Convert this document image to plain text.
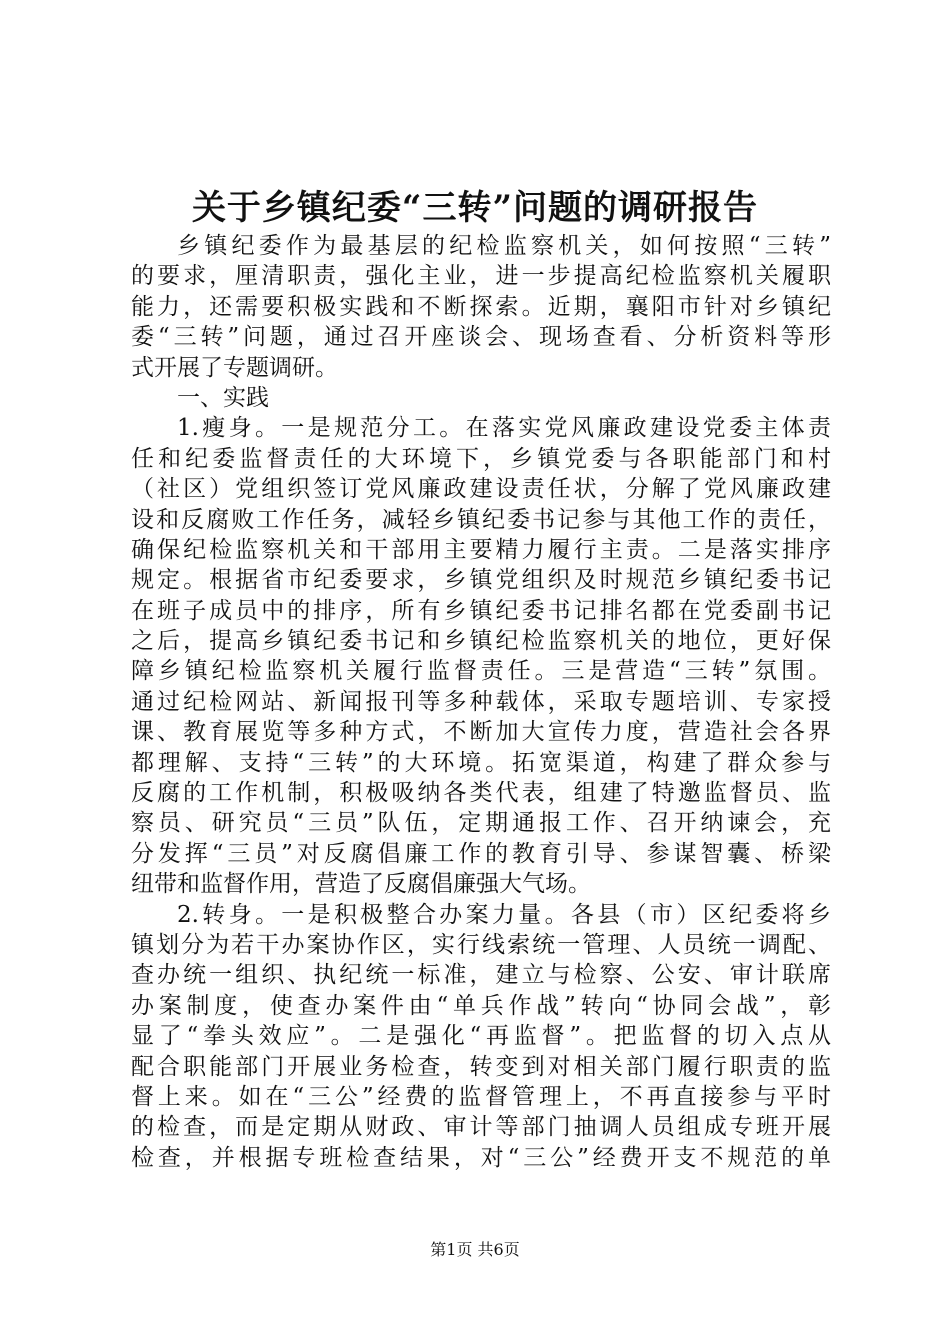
关于乡镇纪委“三转”问题的调研报告
乡镇纪委作为最基层的纪检监察机关，如何按照“三转”
的要求，厘清职责，强化主业，进一步提高纪检监察机关履职
能力，还需要积极实践和不断探索。近期，襄阳市针对乡镇纪
委“三转”问题，通过召开座谈会、现场查看、分析资料等形
式开展了专题调研。
一、实践
1.瘦身。一是规范分工。在落实党风廉政建设党委主体责
任和纪委监督责任的大环境下，乡镇党委与各职能部门和村
（社区）党组织签订党风廉政建设责任状，分解了党风廉政建
设和反腐败工作任务，减轻乡镇纪委书记参与其他工作的责任，
确保纪检监察机关和干部用主要精力履行主责。二是落实排序
规定。根据省市纪委要求，乡镇党组织及时规范乡镇纪委书记
在班子成员中的排序，所有乡镇纪委书记排名都在党委副书记
之后，提高乡镇纪委书记和乡镇纪检监察机关的地位，更好保
障乡镇纪检监察机关履行监督责任。三是营造“三转”氛围。
通过纪检网站、新闻报刊等多种载体，采取专题培训、专家授
课、教育展览等多种方式，不断加大宣传力度，营造社会各界
都理解、支持“三转”的大环境。拓宽渠道，构建了群众参与
反腐的工作机制，积极吸纳各类代表，组建了特邀监督员、监
察员、研究员“三员”队伍，定期通报工作、召开纳谏会，充
分发挥“三员”对反腐倡廉工作的教育引导、参谋智囊、桥梁
纽带和监督作用，营造了反腐倡廉强大气场。
2.转身。一是积极整合办案力量。各县（市）区纪委将乡
镇划分为若干办案协作区，实行线索统一管理、人员统一调配、
查办统一组织、执纪统一标准，建立与检察、公安、审计联席
办案制度，使查办案件由“单兵作战”转向“协同会战”，彰
显了“拳头效应”。二是强化“再监督”。把监督的切入点从
配合职能部门开展业务检查，转变到对相关部门履行职责的监
督上来。如在“三公”经费的监督管理上，不再直接参与平时
的检查，而是定期从财政、审计等部门抽调人员组成专班开展
检查，并根据专班检查结果，对“三公”经费开支不规范的单
第1页 共6页
